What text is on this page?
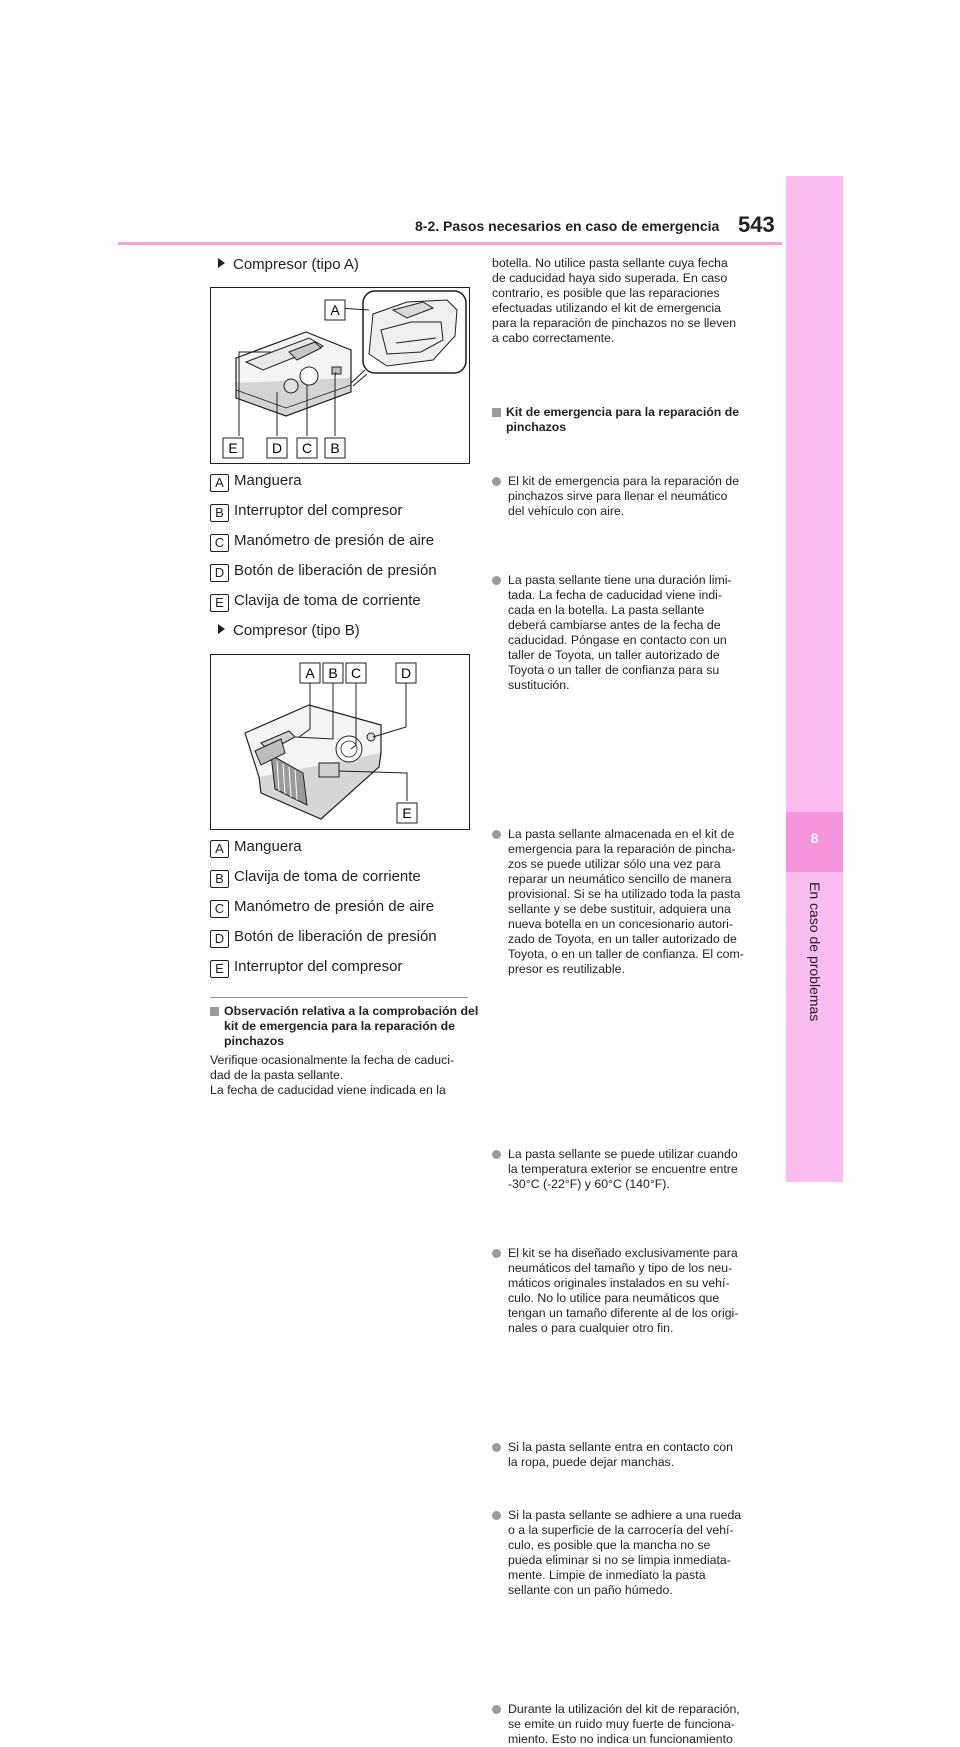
8-2. Pasos necesarios en caso de emergencia 543
8
En caso de problemas
Compresor (tipo A)
A
E D C B
A Manguera
B Interruptor del compresor
C Manómetro de presión de aire
D Botón de liberación de presión
E Clavija de toma de corriente
Compresor (tipo B)
A B C	D
E
A Manguera
B Clavija de toma de corriente
C Manómetro de presión de aire
D Botón de liberación de presión
E Interruptor del compresor
Observación relativa a la comprobación del kit de emergencia para la reparación de pinchazos
Verifique ocasionalmente la fecha de caduci-
dad de la pasta sellante.
La fecha de caducidad viene indicada en la
botella. No utilice pasta sellante cuya fecha
de caducidad haya sido superada. En caso
contrario, es posible que las reparaciones
efectuadas utilizando el kit de emergencia
para la reparación de pinchazos no se lleven
a cabo correctamente.
Kit de emergencia para la reparación de pinchazos
El kit de emergencia para la reparación de
pinchazos sirve para llenar el neumático
del vehículo con aire.
La pasta sellante tiene una duración limi-
tada. La fecha de caducidad viene indi-
cada en la botella. La pasta sellante
deberá cambiarse antes de la fecha de
caducidad. Póngase en contacto con un
taller de Toyota, un taller autorizado de
Toyota o un taller de confianza para su
sustitución.
La pasta sellante almacenada en el kit de
emergencia para la reparación de pincha-
zos se puede utilizar sólo una vez para
reparar un neumático sencillo de manera
provisional. Si se ha utilizado toda la pasta
sellante y se debe sustituir, adquiera una
nueva botella en un concesionario autori-
zado de Toyota, en un taller autorizado de
Toyota, o en un taller de confianza. El com-
presor es reutilizable.
La pasta sellante se puede utilizar cuando
la temperatura exterior se encuentre entre
-30°C (-22°F) y 60°C (140°F).
El kit se ha diseñado exclusivamente para
neumáticos del tamaño y tipo de los neu-
máticos originales instalados en su vehí-
culo. No lo utilice para neumáticos que
tengan un tamaño diferente al de los origi-
nales o para cualquier otro fin.
Si la pasta sellante entra en contacto con
la ropa, puede dejar manchas.
Si la pasta sellante se adhiere a una rueda
o a la superficie de la carrocería del vehí-
culo, es posible que la mancha no se
pueda eliminar si no se limpia inmediata-
mente. Limpie de inmediato la pasta
sellante con un paño húmedo.
Durante la utilización del kit de reparación,
se emite un ruido muy fuerte de funciona-
miento. Esto no indica un funcionamiento
